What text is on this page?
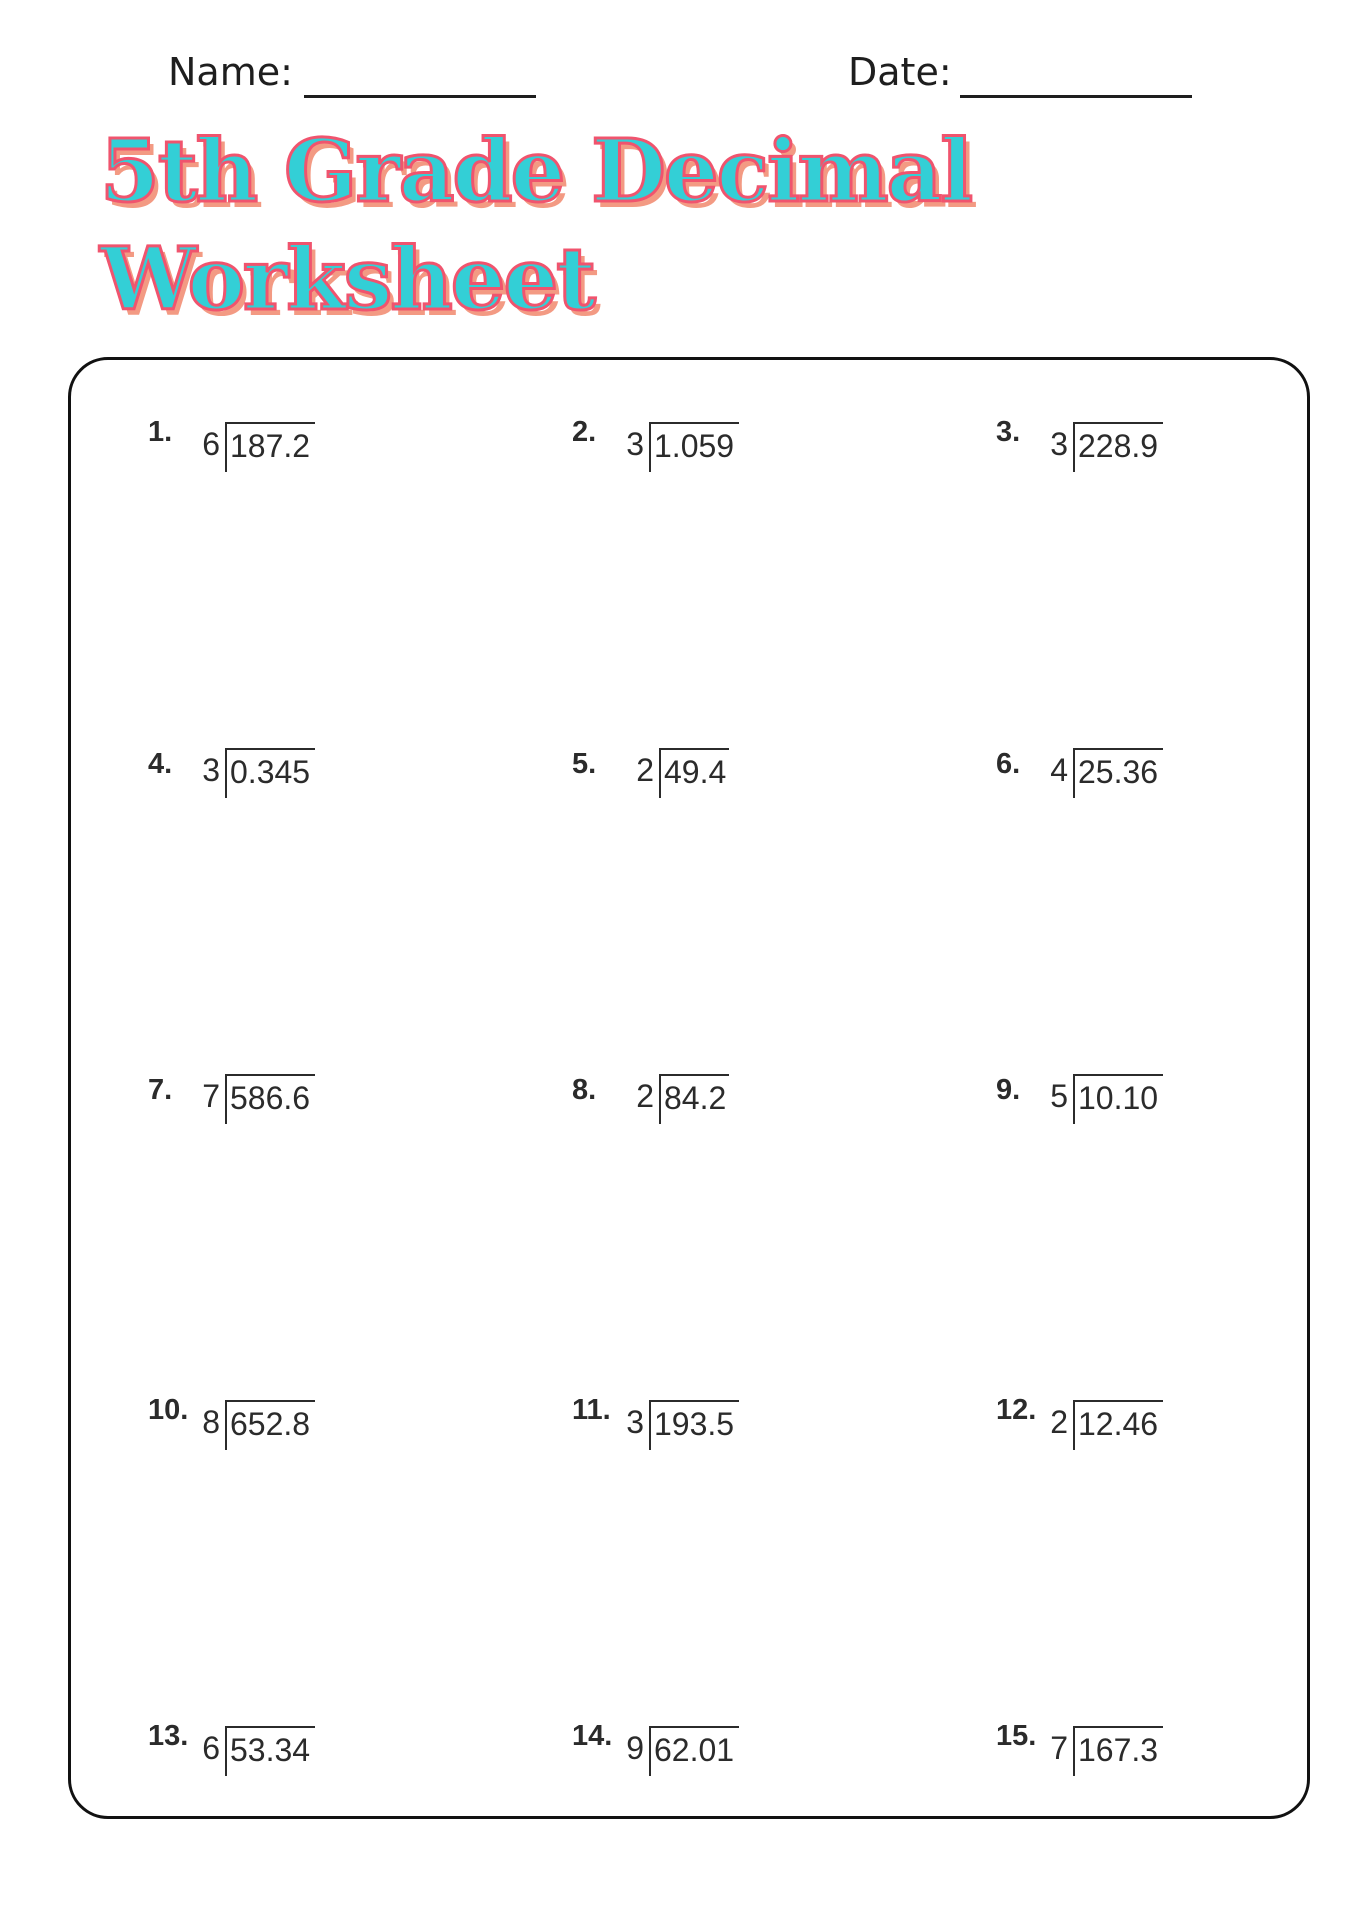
Name:	Date:
5th Grade Decimal
Worksheet
1. 6 187.2	2. 3 1.059	3. 3 228.9
4. 3 0.345	5.	2 49.4	6. 4 25.36
7. 7 586.6	8.	2 84.2	9. 5 10.10
10. 8 652.8	11. 3 193.5	12. 2 12.46
13. 6 53.34	14. 9 62.01	15. 7 167.3
